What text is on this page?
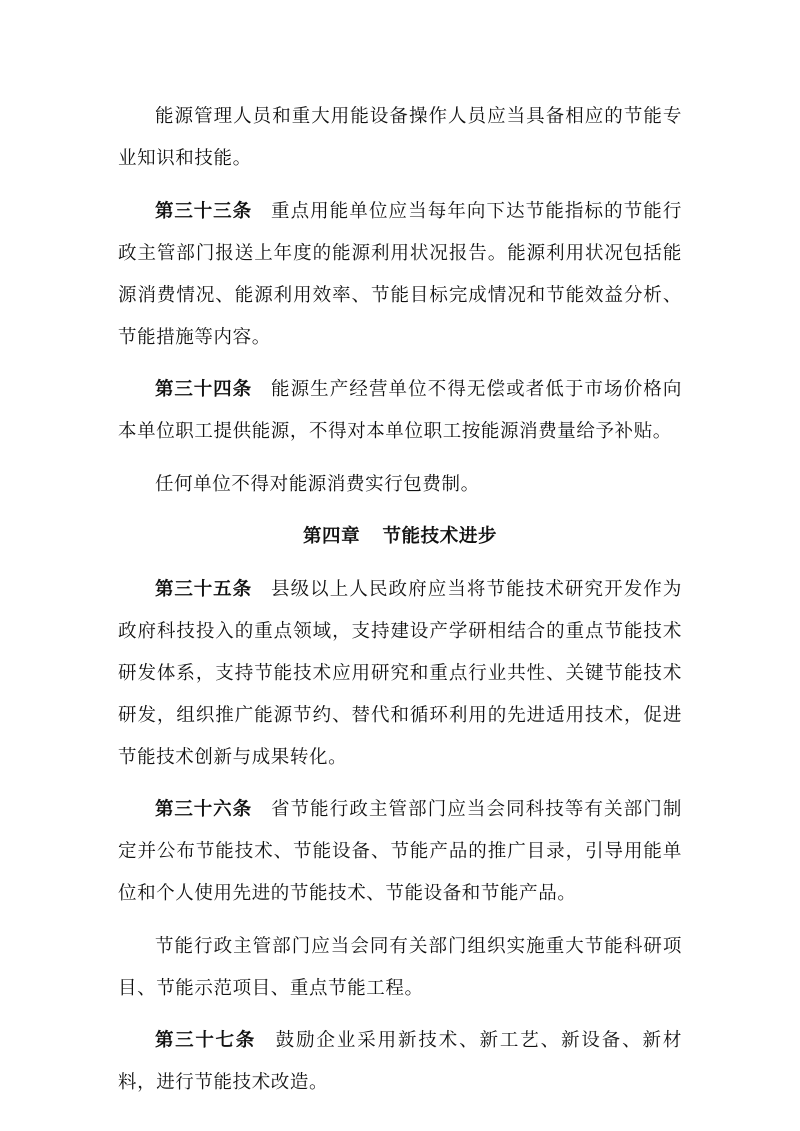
能源管理人员和重大用能设备操作人员应当具备相应的节能专业知识和技能。

第三十三条 重点用能单位应当每年向下达节能指标的节能行政主管部门报送上年度的能源利用状况报告。能源利用状况包括能源消费情况、能源利用效率、节能目标完成情况和节能效益分析、节能措施等内容。

第三十四条 能源生产经营单位不得无偿或者低于市场价格向本单位职工提供能源，不得对本单位职工按能源消费量给予补贴。

任何单位不得对能源消费实行包费制。

第四章 节能技术进步

第三十五条 县级以上人民政府应当将节能技术研究开发作为政府科技投入的重点领域，支持建设产学研相结合的重点节能技术研发体系，支持节能技术应用研究和重点行业共性、关键节能技术研发，组织推广能源节约、替代和循环利用的先进适用技术，促进节能技术创新与成果转化。

第三十六条 省节能行政主管部门应当会同科技等有关部门制定并公布节能技术、节能设备、节能产品的推广目录，引导用能单位和个人使用先进的节能技术、节能设备和节能产品。

节能行政主管部门应当会同有关部门组织实施重大节能科研项目、节能示范项目、重点节能工程。

第三十七条 鼓励企业采用新技术、新工艺、新设备、新材料，进行节能技术改造。
